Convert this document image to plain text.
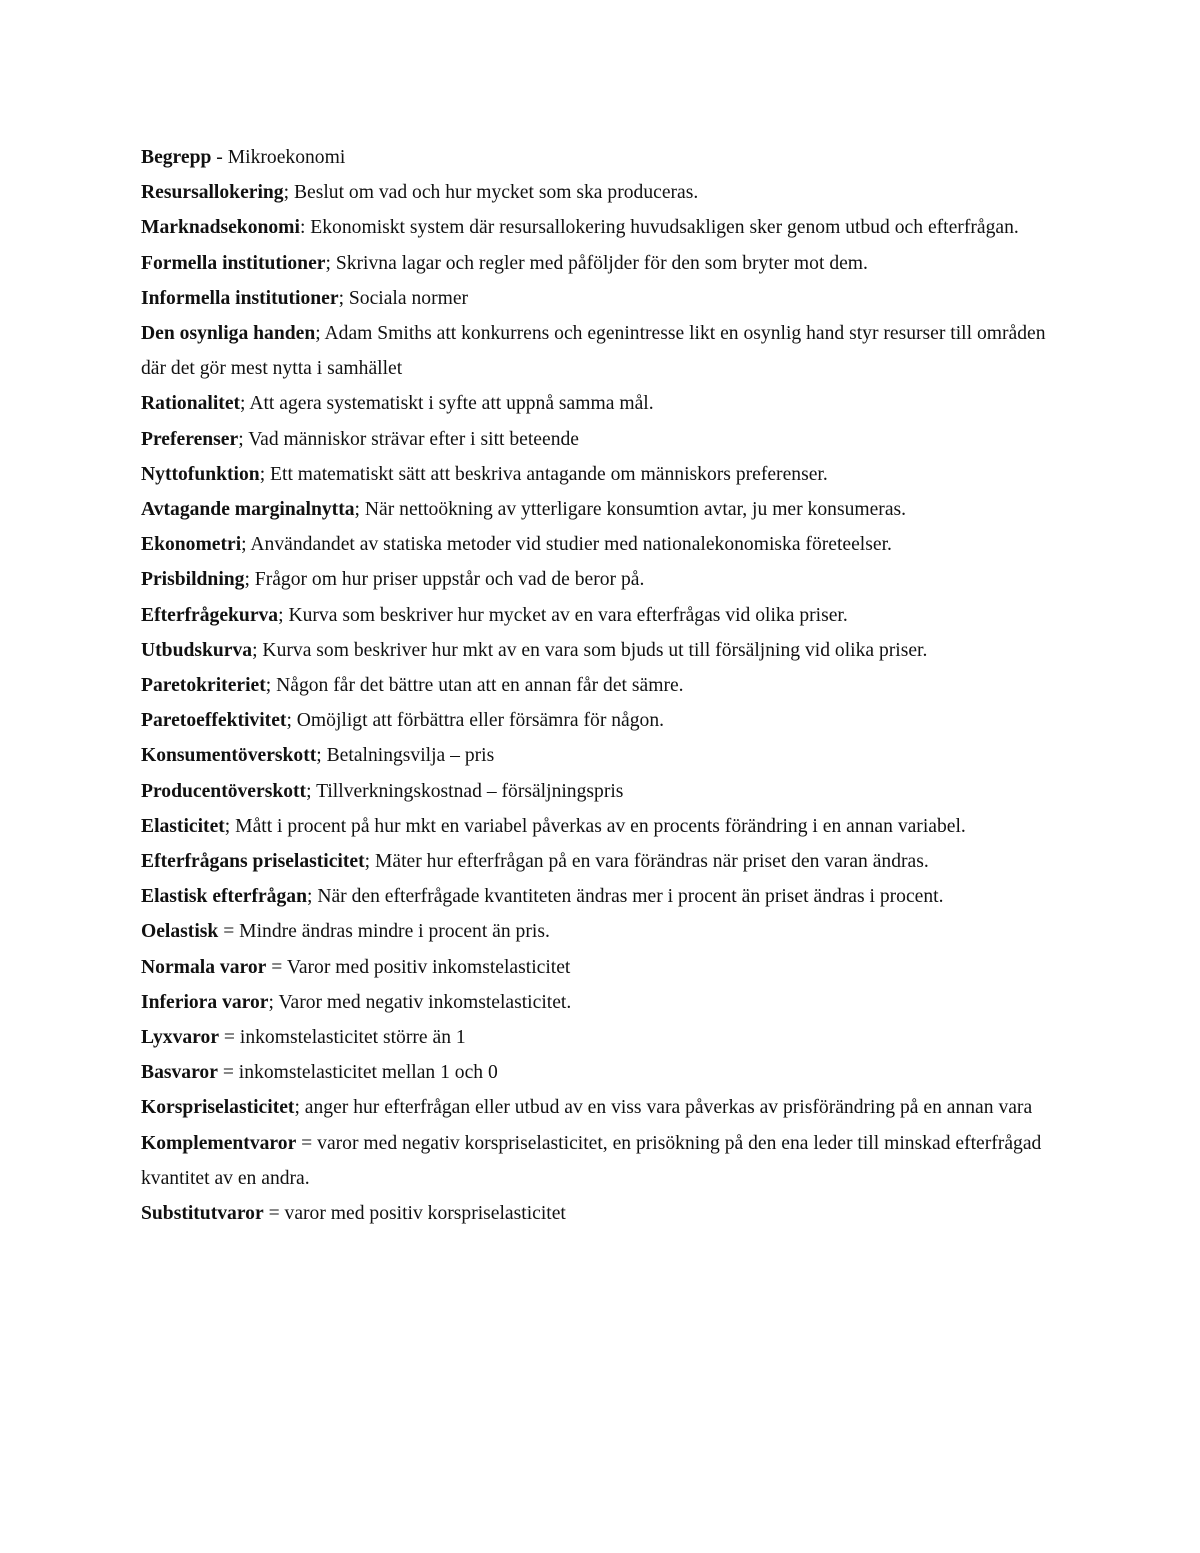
Begrepp - Mikroekonomi

Resursallokering; Beslut om vad och hur mycket som ska produceras.

Marknadsekonomi: Ekonomiskt system där resursallokering huvudsakligen sker genom utbud och efterfrågan.

Formella institutioner; Skrivna lagar och regler med påföljder för den som bryter mot dem.

Informella institutioner; Sociala normer

Den osynliga handen; Adam Smiths att konkurrens och egenintresse likt en osynlig hand styr resurser till områden där det gör mest nytta i samhället

Rationalitet; Att agera systematiskt i syfte att uppnå samma mål.

Preferenser; Vad människor strävar efter i sitt beteende

Nyttofunktion; Ett matematiskt sätt att beskriva antagande om människors preferenser.

Avtagande marginalnytta; När nettoökning av ytterligare konsumtion avtar, ju mer konsumeras.

Ekonometri; Användandet av statiska metoder vid studier med nationalekonomiska företeelser.

Prisbildning; Frågor om hur priser uppstår och vad de beror på.

Efterfrågekurva; Kurva som beskriver hur mycket av en vara efterfrågas vid olika priser.

Utbudskurva; Kurva som beskriver hur mkt av en vara som bjuds ut till försäljning vid olika priser.

Paretokriteriet; Någon får det bättre utan att en annan får det sämre.

Paretoeffektivitet; Omöjligt att förbättra eller försämra för någon.

Konsumentöverskott; Betalningsvilja – pris

Producentöverskott; Tillverkningskostnad – försäljningspris

Elasticitet; Mått i procent på hur mkt en variabel påverkas av en procents förändring i en annan variabel.

Efterfrågans priselasticitet; Mäter hur efterfrågan på en vara förändras när priset den varan ändras.

Elastisk efterfrågan; När den efterfrågade kvantiteten ändras mer i procent än priset ändras i procent.

Oelastisk = Mindre ändras mindre i procent än pris.

Normala varor = Varor med positiv inkomstelasticitet

Inferiora varor; Varor med negativ inkomstelasticitet.

Lyxvaror = inkomstelasticitet större än 1

Basvaror = inkomstelasticitet mellan 1 och 0

Korspriselasticitet; anger hur efterfrågan eller utbud av en viss vara påverkas av prisförändring på en annan vara

Komplementvaror = varor med negativ korspriselasticitet, en prisökning på den ena leder till minskad efterfrågad kvantitet av en andra.

Substitutvaror = varor med positiv korspriselasticitet
